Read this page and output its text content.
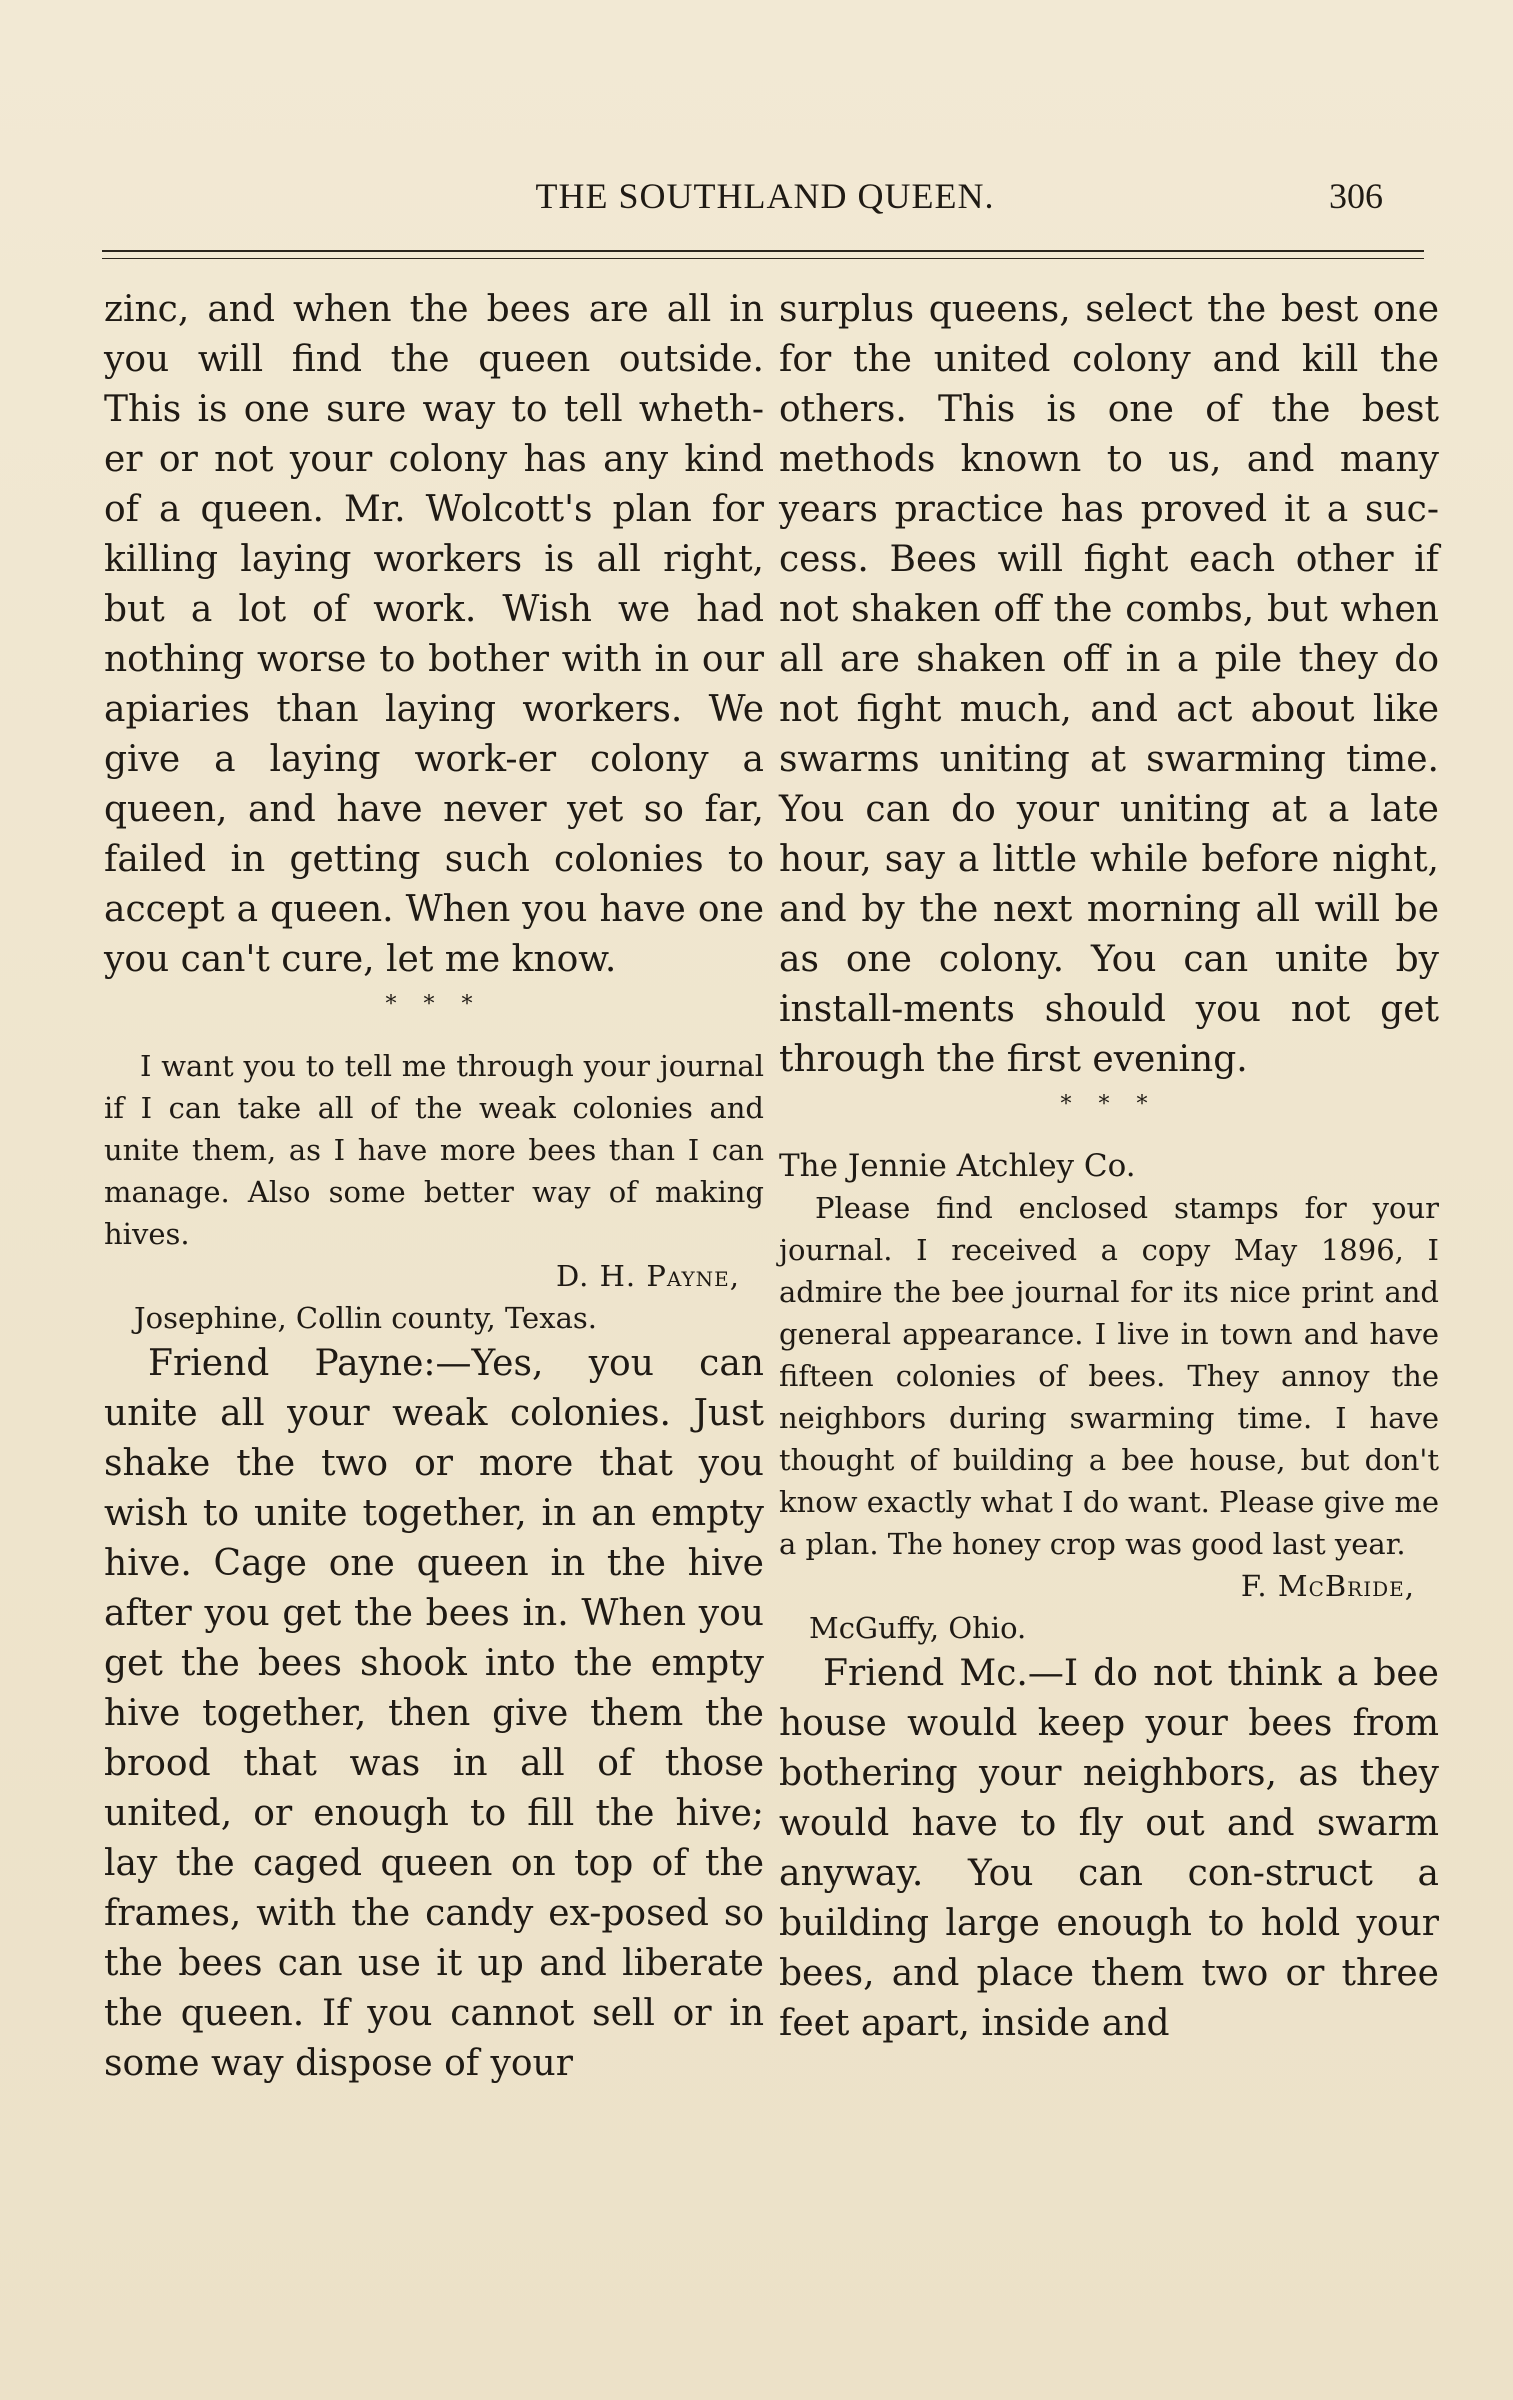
THE SOUTHLAND QUEEN.	306

zinc, and when the bees are all in you will find the queen outside. This is one sure way to tell wheth-er or not your colony has any kind of a queen. Mr. Wolcott's plan for killing laying workers is all right, but a lot of work. Wish we had nothing worse to bother with in our apiaries than laying workers. We give a laying work-er colony a queen, and have never yet so far, failed in getting such colonies to accept a queen. When you have one you can't cure, let me know.

* * *

I want you to tell me through your journal if I can take all of the weak colonies and unite them, as I have more bees than I can manage. Also some better way of making hives.

D. H. Payne,

Josephine, Collin county, Texas.

Friend Payne:—Yes, you can unite all your weak colonies. Just shake the two or more that you wish to unite together, in an empty hive. Cage one queen in the hive after you get the bees in. When you get the bees shook into the empty hive together, then give them the brood that was in all of those united, or enough to fill the hive; lay the caged queen on top of the frames, with the candy ex-posed so the bees can use it up and liberate the queen. If you cannot sell or in some way dispose of your

surplus queens, select the best one for the united colony and kill the others. This is one of the best methods known to us, and many years practice has proved it a suc-cess. Bees will fight each other if not shaken off the combs, but when all are shaken off in a pile they do not fight much, and act about like swarms uniting at swarming time. You can do your uniting at a late hour, say a little while before night, and by the next morning all will be as one colony. You can unite by install-ments should you not get through the first evening.

* * *

The Jennie Atchley Co.

Please find enclosed stamps for your journal. I received a copy May 1896, I admire the bee journal for its nice print and general appearance. I live in town and have fifteen colonies of bees. They annoy the neighbors during swarming time. I have thought of building a bee house, but don't know exactly what I do want. Please give me a plan. The honey crop was good last year.

F. McBride,

McGuffy, Ohio.

Friend Mc.—I do not think a bee house would keep your bees from bothering your neighbors, as they would have to fly out and swarm anyway. You can con-struct a building large enough to hold your bees, and place them two or three feet apart, inside and
